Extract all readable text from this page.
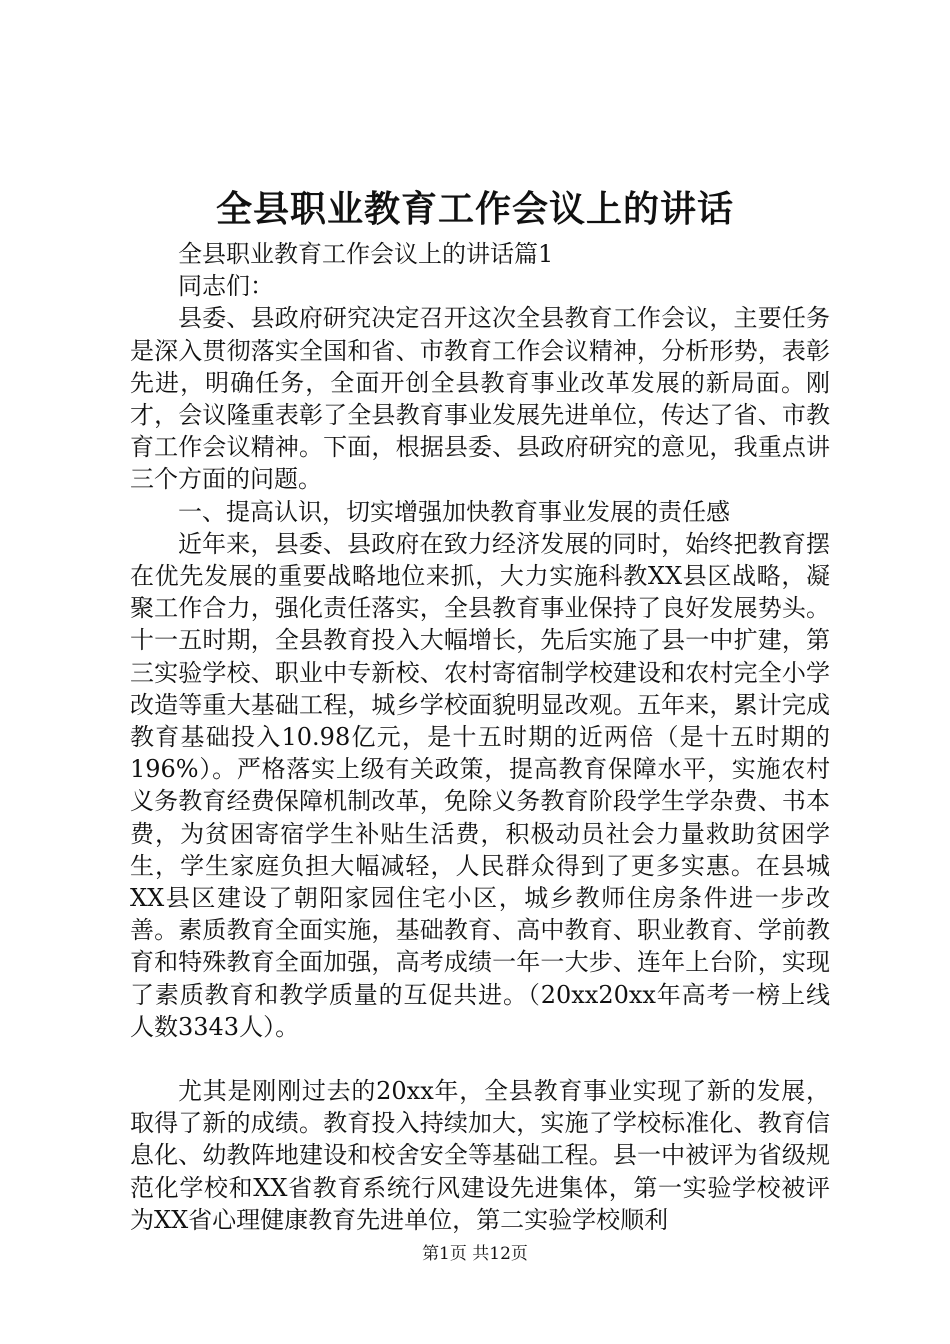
全县职业教育工作会议上的讲话

全县职业教育工作会议上的讲话篇1

同志们：

县委、县政府研究决定召开这次全县教育工作会议，主要任务是深入贯彻落实全国和省、市教育工作会议精神，分析形势，表彰先进，明确任务，全面开创全县教育事业改革发展的新局面。刚才，会议隆重表彰了全县教育事业发展先进单位，传达了省、市教育工作会议精神。下面，根据县委、县政府研究的意见，我重点讲三个方面的问题。

一、提高认识，切实增强加快教育事业发展的责任感

近年来，县委、县政府在致力经济发展的同时，始终把教育摆在优先发展的重要战略地位来抓，大力实施科教XX县区战略，凝聚工作合力，强化责任落实，全县教育事业保持了良好发展势头。十一五时期，全县教育投入大幅增长，先后实施了县一中扩建，第三实验学校、职业中专新校、农村寄宿制学校建设和农村完全小学改造等重大基础工程，城乡学校面貌明显改观。五年来，累计完成教育基础投入10.98亿元，是十五时期的近两倍（是十五时期的196%）。严格落实上级有关政策，提高教育保障水平，实施农村义务教育经费保障机制改革，免除义务教育阶段学生学杂费、书本费，为贫困寄宿学生补贴生活费，积极动员社会力量救助贫困学生，学生家庭负担大幅减轻，人民群众得到了更多实惠。在县城XX县区建设了朝阳家园住宅小区，城乡教师住房条件进一步改善。素质教育全面实施，基础教育、高中教育、职业教育、学前教育和特殊教育全面加强，高考成绩一年一大步、连年上台阶，实现了素质教育和教学质量的互促共进。（20xx20xx年高考一榜上线人数3343人）。

尤其是刚刚过去的20xx年，全县教育事业实现了新的发展，取得了新的成绩。教育投入持续加大，实施了学校标准化、教育信息化、幼教阵地建设和校舍安全等基础工程。县一中被评为省级规范化学校和XX省教育系统行风建设先进集体，第一实验学校被评为XX省心理健康教育先进单位，第二实验学校顺利

第1页 共12页
